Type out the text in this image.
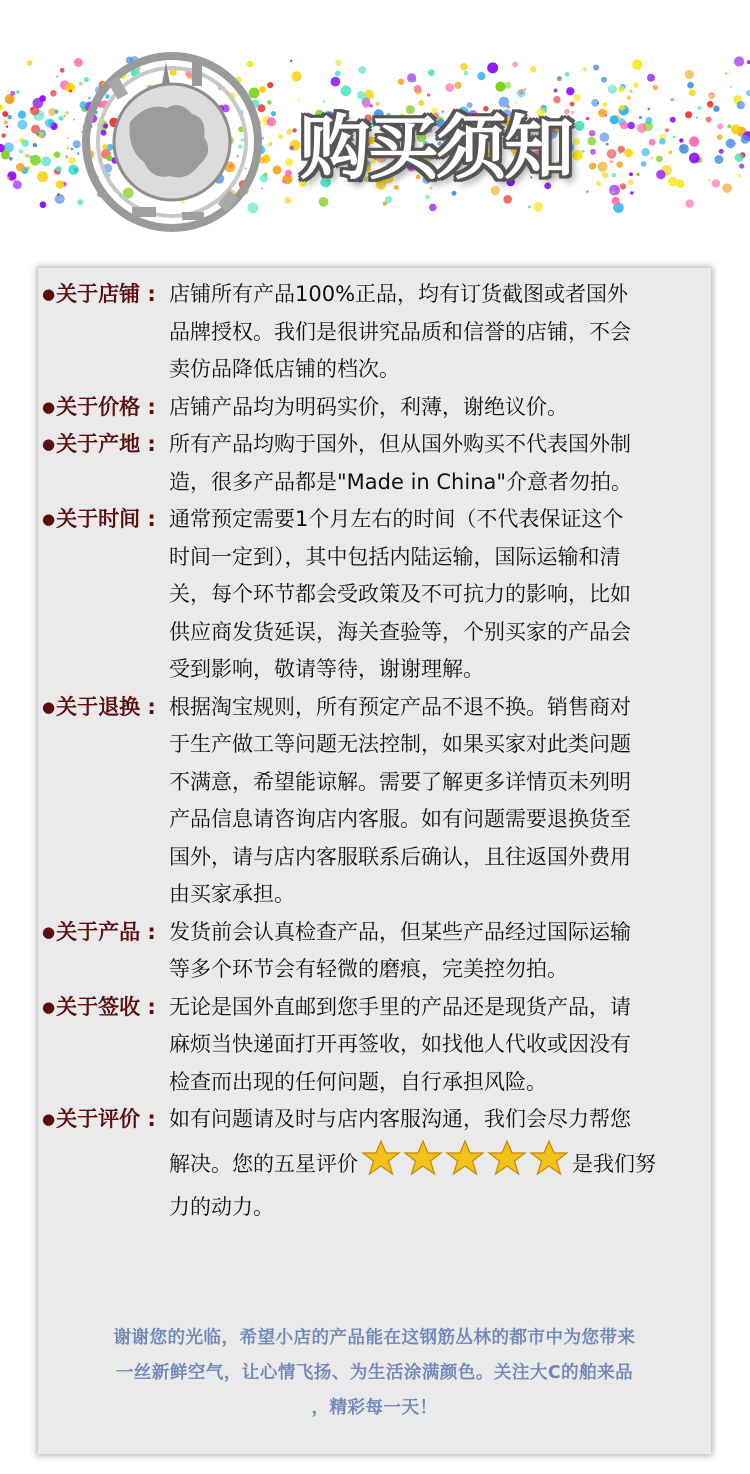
购买须知
●关于店铺 : 店铺所有产品100%正品，均有订货截图或者国外
品牌授权。我们是很讲究品质和信誉的店铺，不会
卖仿品降低店铺的档次。
●关于价格 : 店铺产品均为明码实价，利薄，谢绝议价。
●关于产地 : 所有产品均购于国外，但从国外购买不代表国外制
造，很多产品都是"Made in China"介意者勿拍。
●关于时间 : 通常预定需要1个月左右的时间（不代表保证这个
时间一定到），其中包括内陆运输，国际运输和清
关，每个环节都会受政策及不可抗力的影响，比如
供应商发货延误，海关查验等，个别买家的产品会
受到影响，敬请等待，谢谢理解。
●关于退换 : 根据淘宝规则，所有预定产品不退不换。销售商对
于生产做工等问题无法控制，如果买家对此类问题
不满意，希望能谅解。需要了解更多详情页未列明
产品信息请咨询店内客服。如有问题需要退换货至
国外，请与店内客服联系后确认，且往返国外费用
由买家承担。
●关于产品 : 发货前会认真检查产品，但某些产品经过国际运输
等多个环节会有轻微的磨痕，完美控勿拍。
●关于签收 : 无论是国外直邮到您手里的产品还是现货产品，请
麻烦当快递面打开再签收，如找他人代收或因没有
检查而出现的任何问题，自行承担风险。
●关于评价 : 如有问题请及时与店内客服沟通，我们会尽力帮您
解决。您的五星评价	是我们努
力的动力。
谢谢您的光临，希望小店的产品能在这钢筋丛林的都市中为您带来
一丝新鲜空气，让心情飞扬、为生活涂满颜色。关注大C的舶来品
，精彩每一天！
